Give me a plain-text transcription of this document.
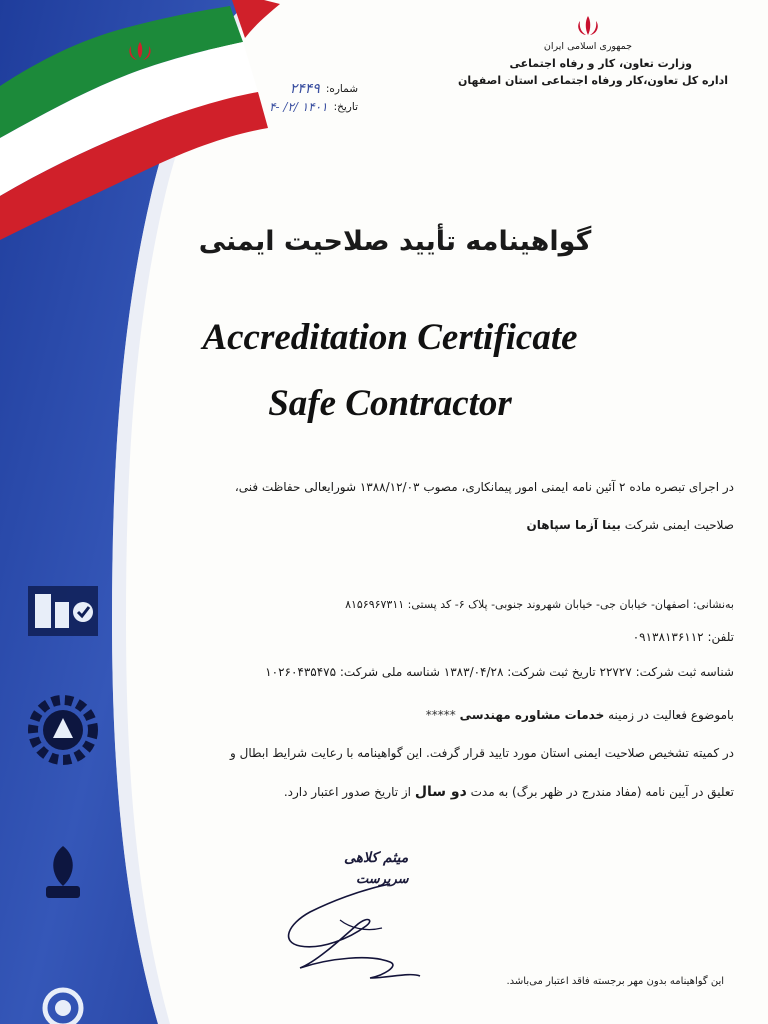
جمهوری اسلامی ایران
وزارت تعاون، کار و رفاه اجتماعی
اداره کل تعاون،کار ورفاه اجتماعی استان اصفهان
شماره:
۲۴۴۹
تاریخ:
۱۴۰۱ /۲/ -۴
گواهینامه تأیید صلاحیت ایمنی
Accreditation Certificate
Safe Contractor
در اجرای تبصره ماده ۲ آئین نامه ایمنی امور پیمانکاری، مصوب ۱۳۸۸/۱۲/۰۳ شورایعالی حفاظت فنی،
صلاحیت ایمنی شرکت بینا آزما سپاهان
به‌نشانی: اصفهان- خیابان جی- خیابان شهروند جنوبی- پلاک ۶- کد پستی: ۸۱۵۶۹۶۷۳۱۱
تلفن: ۰۹۱۳۸۱۳۶۱۱۲
شناسه ثبت شرکت: ۲۲۷۲۷ تاریخ ثبت شرکت: ۱۳۸۳/۰۴/۲۸ شناسه ملی شرکت: ۱۰۲۶۰۴۳۵۴۷۵
باموضوع فعالیت در زمینه خدمات مشاوره مهندسی *****
در کمیته تشخیص صلاحیت ایمنی استان مورد تایید قرار گرفت. این گواهینامه با رعایت شرایط ابطال و
تعلیق در آیین نامه (مفاد مندرج در ظهر برگ) به مدت دو سال از تاریخ صدور اعتبار دارد.
میثم کلاهی
سرپرست
این گواهینامه بدون مهر برجسته فاقد اعتبار می‌باشد.
